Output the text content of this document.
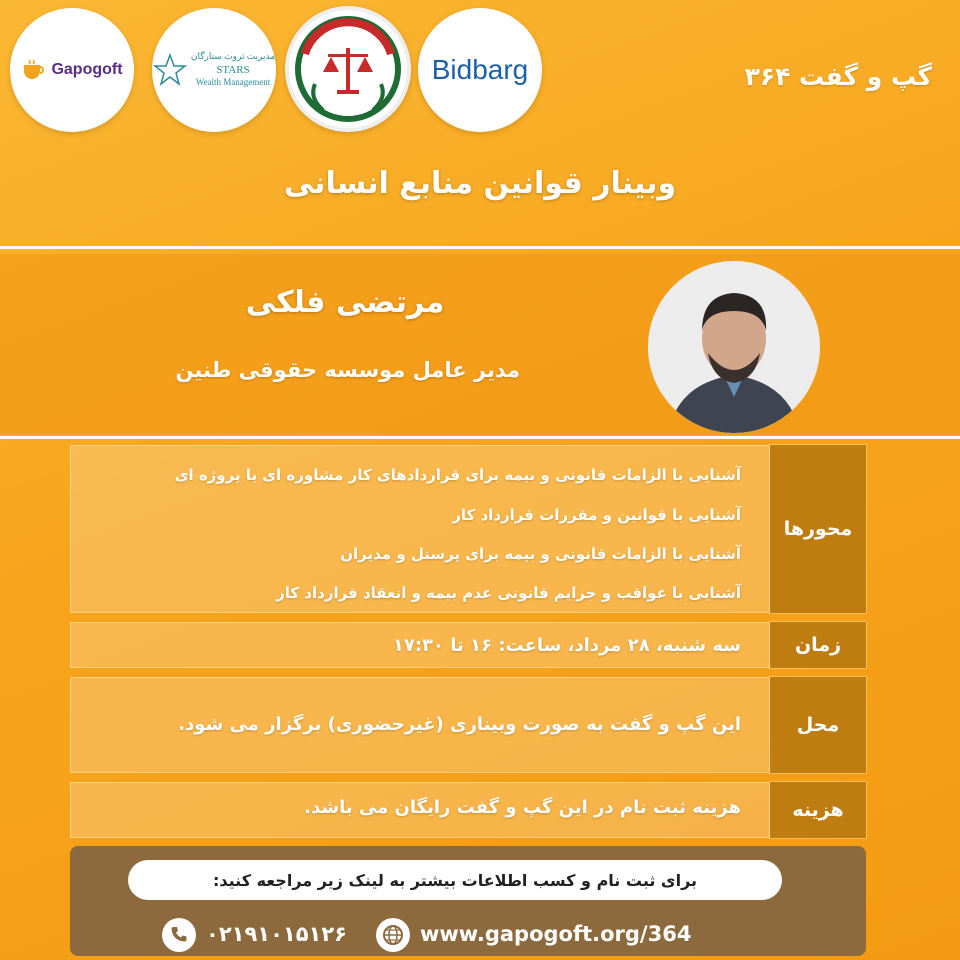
Gapogoft
مدیریت ثروت ستارگان
STARS
Wealth Management	Bidbarg	گپ و گفت ۳۶۴
وبینار قوانین منابع انسانی
مرتضی فلکی
مدیر عامل موسسه حقوقی طنین
آشنایی با الزامات قانونی و بیمه برای قراردادهای کار مشاوره ای یا پروژه ای
آشنایی با قوانین و مقررات قرارداد کار
آشنایی با الزامات قانونی و بیمه برای پرسنل و مدیران
آشنایی با عواقب و جرایم قانونی عدم بیمه و انعقاد قرارداد کار
محورها
سه شنبه، ۲۸ مرداد، ساعت: ۱۶ تا ۱۷:۳۰	زمان
این گپ و گفت به صورت وبیناری (غیرحضوری) برگزار می شود.	محل
هزینه ثبت نام در این گپ و گفت رایگان می باشد.	هزینه
برای ثبت نام و کسب اطلاعات بیشتر به لینک زیر مراجعه کنید:
۰۲۱۹۱۰۱۵۱۲۶	www.gapogoft.org/364
